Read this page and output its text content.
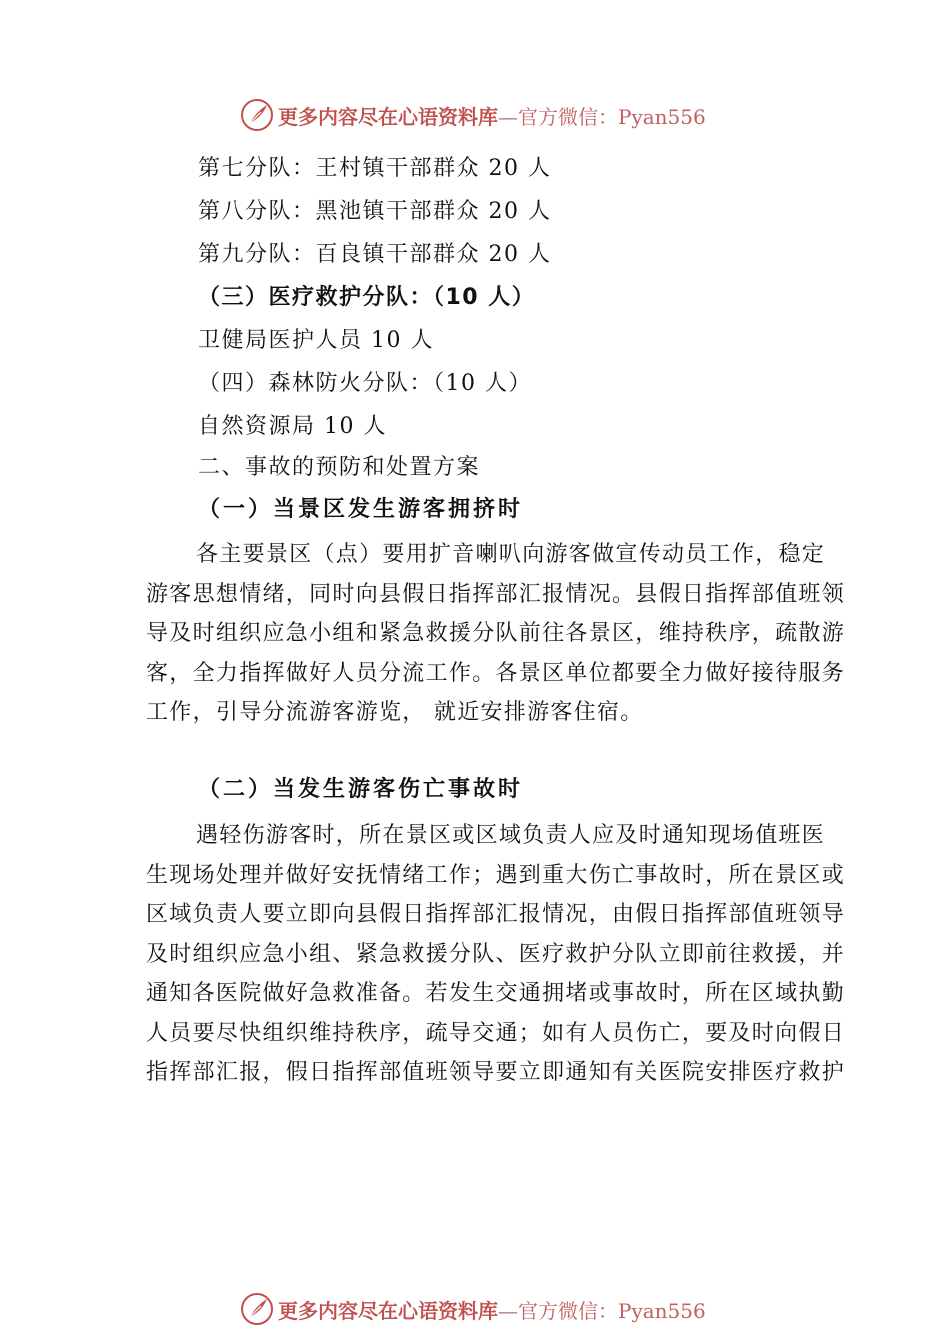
更多内容尽在心语资料库—官方微信：Pyan556
第七分队：王村镇干部群众 20 人
第八分队：黑池镇干部群众 20 人
第九分队：百良镇干部群众 20 人
（三）医疗救护分队：（10 人）
卫健局医护人员 10 人
（四）森林防火分队：（10 人）
自然资源局 10 人
二、事故的预防和处置方案
（一）当景区发生游客拥挤时
各主要景区（点）要用扩音喇叭向游客做宣传动员工作，稳定游客思想情绪，同时向县假日指挥部汇报情况。县假日指挥部值班领导及时组织应急小组和紧急救援分队前往各景区，维持秩序，疏散游客，全力指挥做好人员分流工作。各景区单位都要全力做好接待服务工作，引导分流游客游览， 就近安排游客住宿。
（二）当发生游客伤亡事故时
遇轻伤游客时，所在景区或区域负责人应及时通知现场值班医生现场处理并做好安抚情绪工作；遇到重大伤亡事故时，所在景区或区域负责人要立即向县假日指挥部汇报情况，由假日指挥部值班领导及时组织应急小组、紧急救援分队、医疗救护分队立即前往救援，并通知各医院做好急救准备。若发生交通拥堵或事故时，所在区域执勤人员要尽快组织维持秩序，疏导交通；如有人员伤亡，要及时向假日指挥部汇报，假日指挥部值班领导要立即通知有关医院安排医疗救护
更多内容尽在心语资料库—官方微信：Pyan556
